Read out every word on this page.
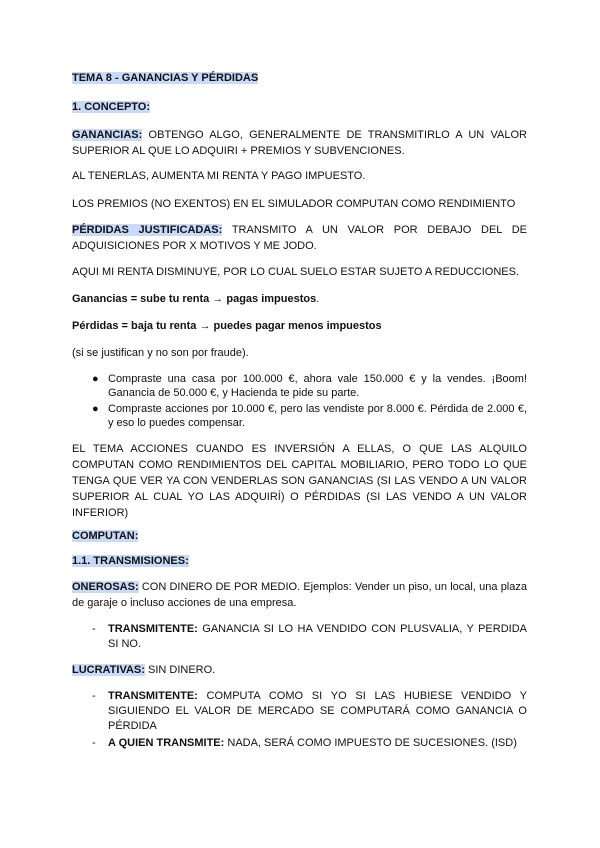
TEMA 8 - GANANCIAS Y PÉRDIDAS

1. CONCEPTO:

GANANCIAS: OBTENGO ALGO, GENERALMENTE DE TRANSMITIRLO A UN VALOR SUPERIOR AL QUE LO ADQUIRI + PREMIOS Y SUBVENCIONES.

AL TENERLAS, AUMENTA MI RENTA Y PAGO IMPUESTO.

LOS PREMIOS (NO EXENTOS) EN EL SIMULADOR COMPUTAN COMO RENDIMIENTO

PÉRDIDAS JUSTIFICADAS: TRANSMITO A UN VALOR POR DEBAJO DEL DE ADQUISICIONES POR X MOTIVOS Y ME JODO.

AQUI MI RENTA DISMINUYE, POR LO CUAL SUELO ESTAR SUJETO A REDUCCIONES.

Ganancias = sube tu renta → pagas impuestos.

Pérdidas = baja tu renta → puedes pagar menos impuestos

(si se justifican y no son por fraude).

● Compraste una casa por 100.000 €, ahora vale 150.000 € y la vendes. ¡Boom! Ganancia de 50.000 €, y Hacienda te pide su parte.
● Compraste acciones por 10.000 €, pero las vendiste por 8.000 €. Pérdida de 2.000 €, y eso lo puedes compensar.

EL TEMA ACCIONES CUANDO ES INVERSIÓN A ELLAS, O QUE LAS ALQUILO COMPUTAN COMO RENDIMIENTOS DEL CAPITAL MOBILIARIO, PERO TODO LO QUE TENGA QUE VER YA CON VENDERLAS SON GANANCIAS (SI LAS VENDO A UN VALOR SUPERIOR AL CUAL YO LAS ADQUIRÍ) O PÉRDIDAS (SI LAS VENDO A UN VALOR INFERIOR)

COMPUTAN:

1.1. TRANSMISIONES:

ONEROSAS: CON DINERO DE POR MEDIO. Ejemplos: Vender un piso, un local, una plaza de garaje o incluso acciones de una empresa.

- TRANSMITENTE: GANANCIA SI LO HA VENDIDO CON PLUSVALIA, Y PERDIDA SI NO.

LUCRATIVAS: SIN DINERO.

- TRANSMITENTE: COMPUTA COMO SI YO SI LAS HUBIESE VENDIDO Y SIGUIENDO EL VALOR DE MERCADO SE COMPUTARÁ COMO GANANCIA O PÉRDIDA
- A QUIEN TRANSMITE: NADA, SERÁ COMO IMPUESTO DE SUCESIONES. (ISD)
